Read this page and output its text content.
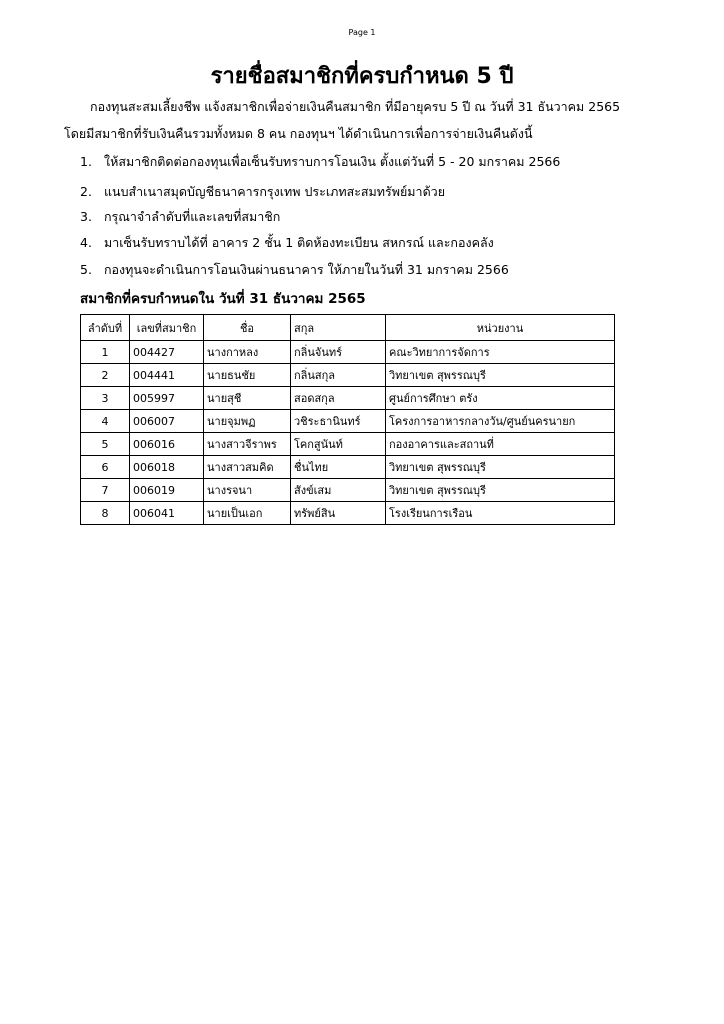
Page 1
รายชื่อสมาชิกที่ครบกำหนด 5 ปี
กองทุนสะสมเลี้ยงชีพ แจ้งสมาชิกเพื่อจ่ายเงินคืนสมาชิก ที่มีอายุครบ 5 ปี ณ วันที่ 31 ธันวาคม 2565
โดยมีสมาชิกที่รับเงินคืนรวมทั้งหมด 8 คน กองทุนฯ ได้ดำเนินการเพื่อการจ่ายเงินคืนดังนี้
1. ให้สมาชิกติดต่อกองทุนเพื่อเซ็นรับทราบการโอนเงิน ตั้งแต่วันที่ 5 - 20 มกราคม 2566
2. แนบสำเนาสมุดบัญชีธนาคารกรุงเทพ ประเภทสะสมทรัพย์มาด้วย
3. กรุณาจำลำดับที่และเลขที่สมาชิก
4. มาเซ็นรับทราบได้ที่ อาคาร 2 ชั้น 1 ติดห้องทะเบียน สหกรณ์ และกองคลัง
5. กองทุนจะดำเนินการโอนเงินผ่านธนาคาร ให้ภายในวันที่ 31 มกราคม 2566
สมาชิกที่ครบกำหนดใน วันที่ 31 ธันวาคม 2565
ลำดับที่	เลขที่สมาชิก	ชื่อ	สกุล	หน่วยงาน
1	004427	นางกาหลง	กลิ่นจันทร์	คณะวิทยาการจัดการ
2	004441	นายธนชัย	กลิ่นสกุล	วิทยาเขต สุพรรณบุรี
3	005997	นายสุชี	สอดสกุล	ศูนย์การศึกษา ตรัง
4	006007	นายจุมพฏ	วชิระธานินทร์	โครงการอาหารกลางวัน/ศูนย์นครนายก
5	006016	นางสาวจีราพร	โคกสูนันท์	กองอาคารและสถานที่
6	006018	นางสาวสมคิด	ชื่นไทย	วิทยาเขต สุพรรณบุรี
7	006019	นางรจนา	สังข์เสม	วิทยาเขต สุพรรณบุรี
8	006041	นายเป็นเอก	ทรัพย์สิน	โรงเรียนการเรือน
